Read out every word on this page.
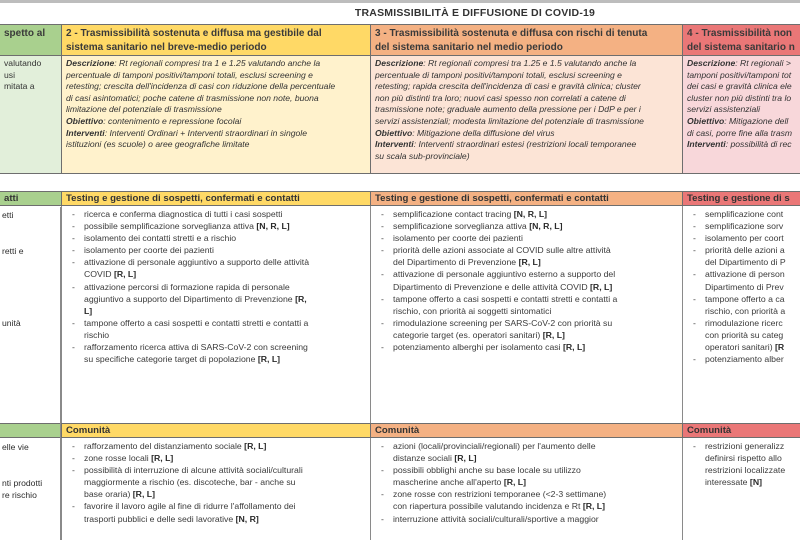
TRASMISSIBILITÀ E DIFFUSIONE DI COVID-19
spetto al
valutando
usi
mitata a
atti
etti

retti e

unità
elle vie

nti prodotti
re rischio
2 - Trasmissibilità sostenuta e diffusa ma gestibile dal
sistema sanitario nel breve-medio periodo
Descrizione: Rt regionali compresi tra 1 e 1.25 valutando anche la
percentuale di tamponi positivi/tamponi totali, esclusi screening e
retesting; crescita dell'incidenza di casi con riduzione della percentuale
di casi asintomatici; poche catene di trasmissione non note, buona
limitazione del potenziale di trasmissione
Obiettivo: contenimento e repressione focolai
Interventi: Interventi Ordinari + Interventi straordinari in singole
istituzioni (es scuole) o aree geografiche limitate
Testing e gestione di sospetti, confermati e contatti
- ricerca e conferma diagnostica di tutti i casi sospetti
- possibile semplificazione sorveglianza attiva [N, R, L]
- isolamento dei contatti stretti e a rischio
- isolamento per coorte dei pazienti
- attivazione di personale aggiuntivo a supporto delle attività
COVID [R, L]
- attivazione percorsi di formazione rapida di personale
aggiuntivo a supporto del Dipartimento di Prevenzione [R,
L]
- tampone offerto a casi sospetti e contatti stretti e contatti a
rischio
- rafforzamento ricerca attiva di SARS-CoV-2 con screening
su specifiche categorie target di popolazione [R, L]
Comunità
- rafforzamento del distanziamento sociale [R, L]
- zone rosse locali [R, L]
- possibilità di interruzione di alcune attività sociali/culturali
maggiormente a rischio (es. discoteche, bar - anche su
base oraria) [R, L]
- favorire il lavoro agile al fine di ridurre l'affollamento dei
trasporti pubblici e delle sedi lavorative [N, R]
3 - Trasmissibilità sostenuta e diffusa con rischi di tenuta
del sistema sanitario nel medio periodo
Descrizione: Rt regionali compresi tra 1.25 e 1.5 valutando anche la
percentuale di tamponi positivi/tamponi totali, esclusi screening e
retesting; rapida crescita dell'incidenza di casi e gravità clinica; cluster
non più distinti tra loro; nuovi casi spesso non correlati a catene di
trasmissione note; graduale aumento della pressione per i DdP e per i
servizi assistenziali; modesta limitazione del potenziale di trasmissione
Obiettivo: Mitigazione della diffusione del virus
Interventi: Interventi straordinari estesi (restrizioni locali temporanee
su scala sub-provinciale)
Testing e gestione di sospetti, confermati e contatti
- semplificazione contact tracing [N, R, L]
- semplificazione sorveglianza attiva [N, R, L]
- isolamento per coorte dei pazienti
- priorità delle azioni associate al COVID sulle altre attività
del Dipartimento di Prevenzione [R, L]
- attivazione di personale aggiuntivo esterno a supporto del
Dipartimento di Prevenzione e delle attività COVID [R, L]
- tampone offerto a casi sospetti e contatti stretti e contatti a
rischio, con priorità ai soggetti sintomatici
- rimodulazione screening per SARS-CoV-2 con priorità su
categorie target (es. operatori sanitari) [R, L]
- potenziamento alberghi per isolamento casi [R, L]
Comunità
- azioni (locali/provinciali/regionali) per l'aumento delle
distanze sociali [R, L]
- possibili obblighi anche su base locale su utilizzo
mascherine anche all'aperto [R, L]
- zone rosse con restrizioni temporanee (<2-3 settimane)
con riapertura possibile valutando incidenza e Rt [R, L]
- interruzione attività sociali/culturali/sportive a maggior
4 - Trasmissibilità non
del sistema sanitario n
Descrizione: Rt regionali >
tamponi positivi/tamponi tot
dei casi e gravità clinica ele
cluster non più distinti tra lo
servizi assistenziali
Obiettivo: Mitigazione dell
di casi, porre fine alla trasm
Interventi: possibilità di rec
Testing e gestione di s
- semplificazione cont
- semplificazione sorv
- isolamento per coort
- priorità delle azioni a
del Dipartimento di P
- attivazione di person
Dipartimento di Prev
- tampone offerto a ca
rischio, con priorità a
- rimodulazione ricerc
con priorità su categ
operatori sanitari) [R
- potenziamento alber
Comunità
- restrizioni generalizz
definirsi rispetto allo
restrizioni localizzate
interessate [N]
